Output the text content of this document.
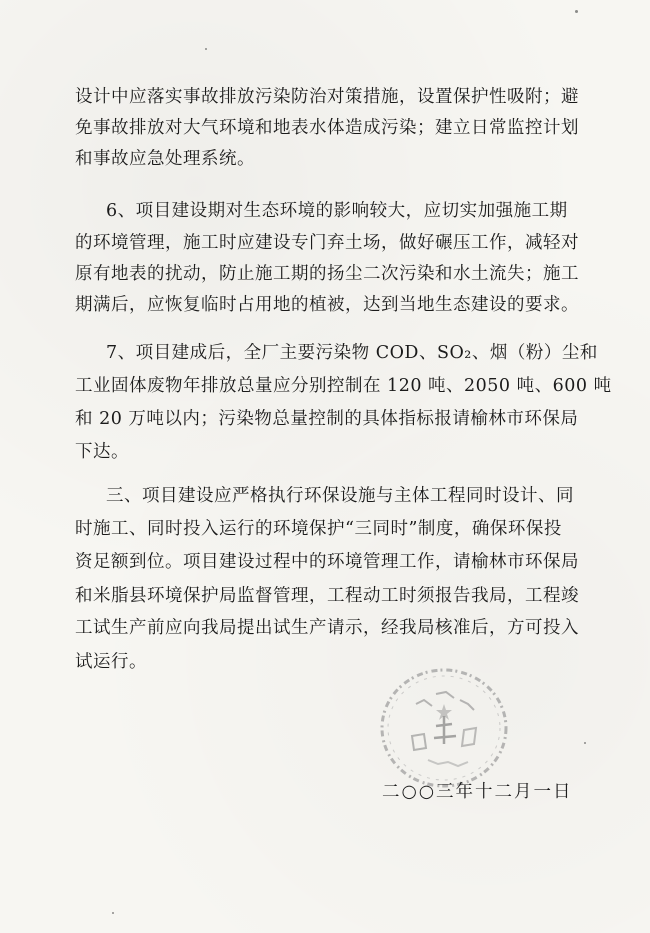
设计中应落实事故排放污染防治对策措施，设置保护性吸附；避
免事故排放对大气环境和地表水体造成污染；建立日常监控计划
和事故应急处理系统。
6、项目建设期对生态环境的影响较大，应切实加强施工期
的环境管理，施工时应建设专门弃土场，做好碾压工作，减轻对
原有地表的扰动，防止施工期的扬尘二次污染和水土流失；施工
期满后，应恢复临时占用地的植被，达到当地生态建设的要求。
7、项目建成后，全厂主要污染物 COD、SO₂、烟（粉）尘和
工业固体废物年排放总量应分别控制在 120 吨、2050 吨、600 吨
和 20 万吨以内；污染物总量控制的具体指标报请榆林市环保局
下达。
三、项目建设应严格执行环保设施与主体工程同时设计、同
时施工、同时投入运行的环境保护“三同时”制度，确保环保投
资足额到位。项目建设过程中的环境管理工作，请榆林市环保局
和米脂县环境保护局监督管理，工程动工时须报告我局，工程竣
工试生产前应向我局提出试生产请示，经我局核准后，方可投入
试运行。
二○○三年十二月一日
